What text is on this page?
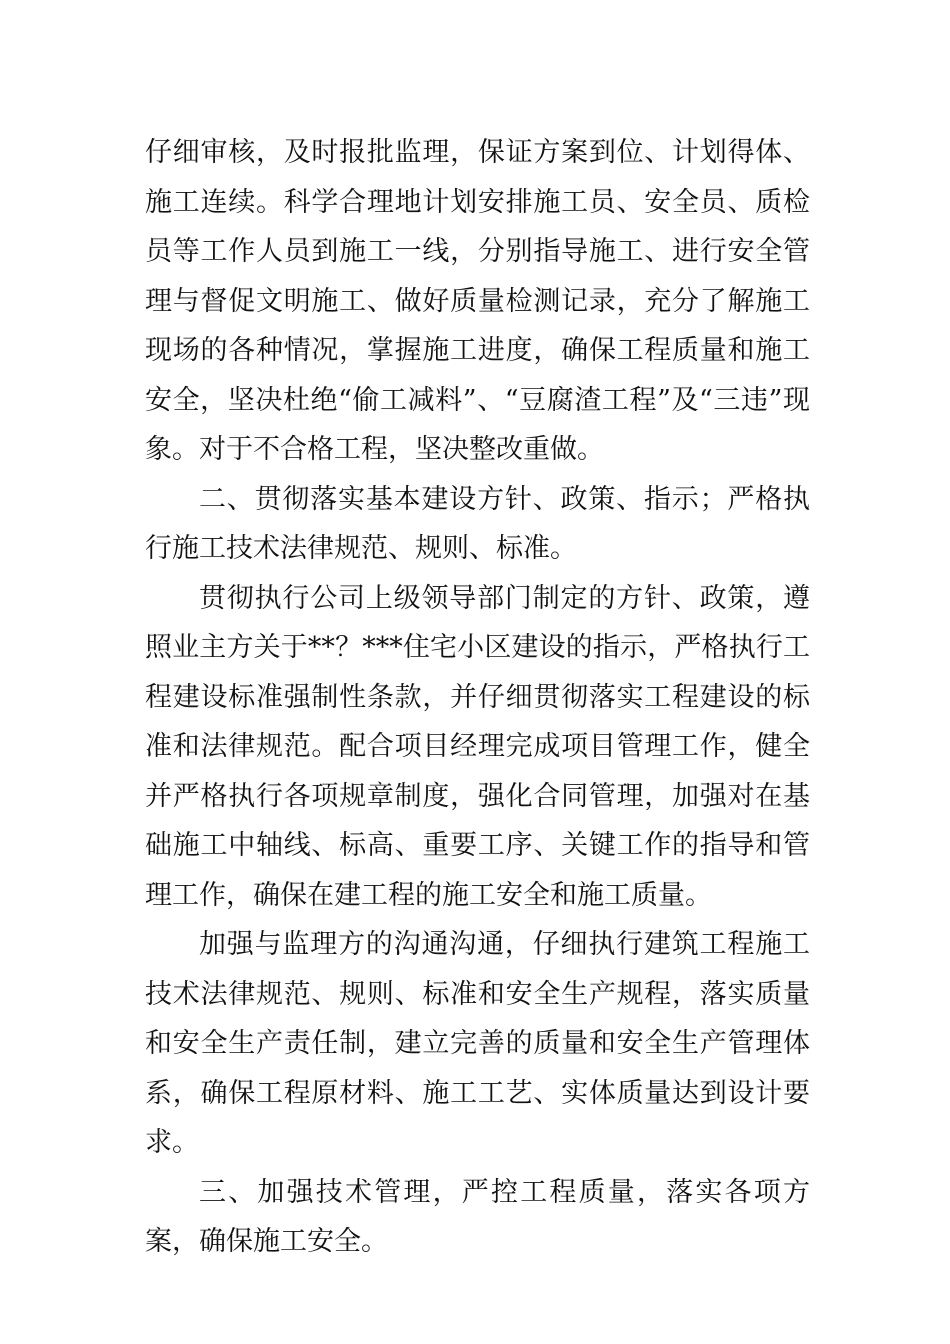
仔细审核，及时报批监理，保证方案到位、计划得体、施工连续。科学合理地计划安排施工员、安全员、质检员等工作人员到施工一线，分别指导施工、进行安全管理与督促文明施工、做好质量检测记录，充分了解施工现场的各种情况，掌握施工进度，确保工程质量和施工安全，坚决杜绝“偷工减料”、“豆腐渣工程”及“三违”现象。对于不合格工程，坚决整改重做。

二、贯彻落实基本建设方针、政策、指示；严格执行施工技术法律规范、规则、标准。

贯彻执行公司上级领导部门制定的方针、政策，遵照业主方关于**？***住宅小区建设的指示，严格执行工程建设标准强制性条款，并仔细贯彻落实工程建设的标准和法律规范。配合项目经理完成项目管理工作，健全并严格执行各项规章制度，强化合同管理，加强对在基础施工中轴线、标高、重要工序、关键工作的指导和管理工作，确保在建工程的施工安全和施工质量。

加强与监理方的沟通沟通，仔细执行建筑工程施工技术法律规范、规则、标准和安全生产规程，落实质量和安全生产责任制，建立完善的质量和安全生产管理体系，确保工程原材料、施工工艺、实体质量达到设计要求。

三、加强技术管理，严控工程质量，落实各项方案，确保施工安全。
